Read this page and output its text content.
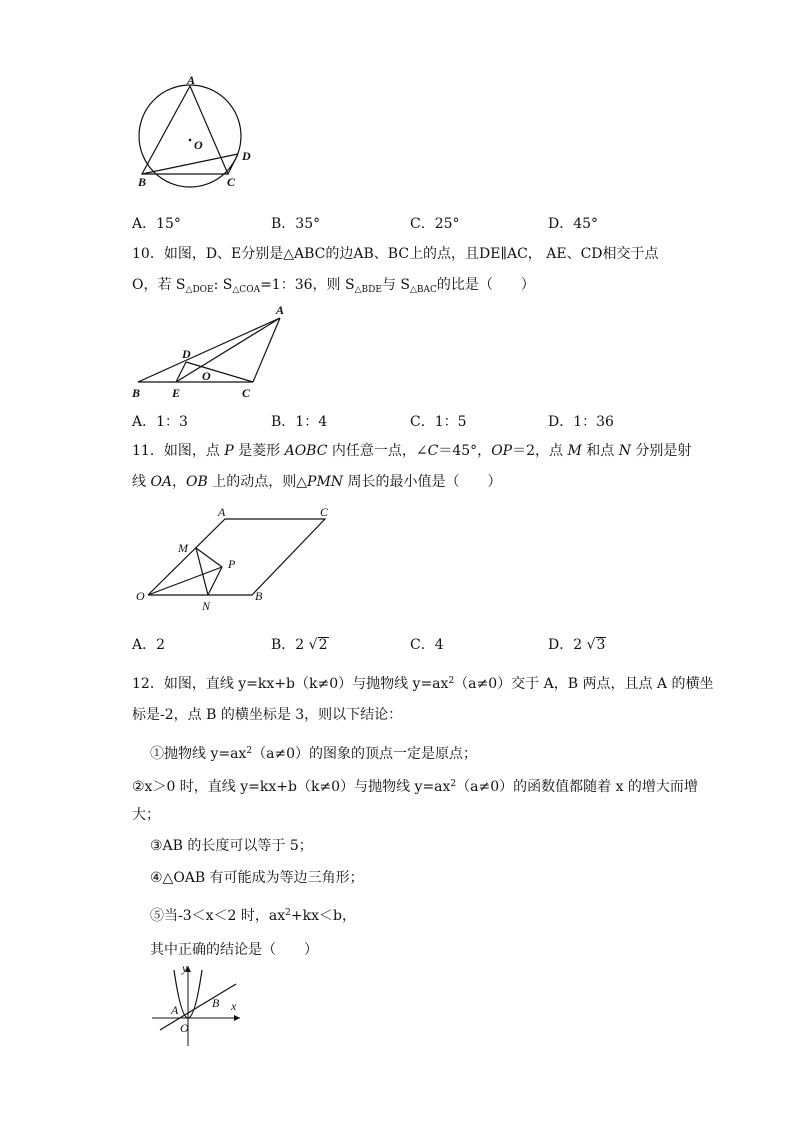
A
O
D
B	C
A．15°	B．35°	C．25°	D．45°
10．如图，D、E分别是△ABC的边AB、BC上的点，且DE∥AC， AE、CD相交于点
O，若 $S_{\triangle DOE}$: $S_{\triangle COA}=1$：36，则 $S_{\triangle BDE}$与 $S_{\triangle BAC}$的比是（　　）
A
D
O
B	E	C
A．1：3	B．1：4	C．1：5	D．1：36
11．如图，点 P 是菱形 AOBC 内任意一点，∠C＝45°，OP＝2，点 M 和点 N 分别是射
线 OA，OB 上的动点，则△PMN 周长的最小值是（　　）
A	C
M
P
O
N
B
A．2	B．2 √2	C．4	D．2 √3
12．如图，直线 y=kx+b（k≠0）与抛物线 $y=ax^2(a\ne 0)$交于 A，B 两点，且点 A 的横坐
标是-2，点 B 的横坐标是 3，则以下结论：
①抛物线 $y=ax^2(a\ne 0)$的图象的顶点一定是原点；
②x＞0 时，直线 y=kx+b（k≠0）与抛物线 $y=ax^2(a\ne 0)$的函数值都随着 x 的增大而增
大；
③AB 的长度可以等于 5；
④△OAB 有可能成为等边三角形；
⑤当-3＜x＜2 时，$ax^2+kx<b$，
其中正确的结论是（　　）
y
x
A	B
O
